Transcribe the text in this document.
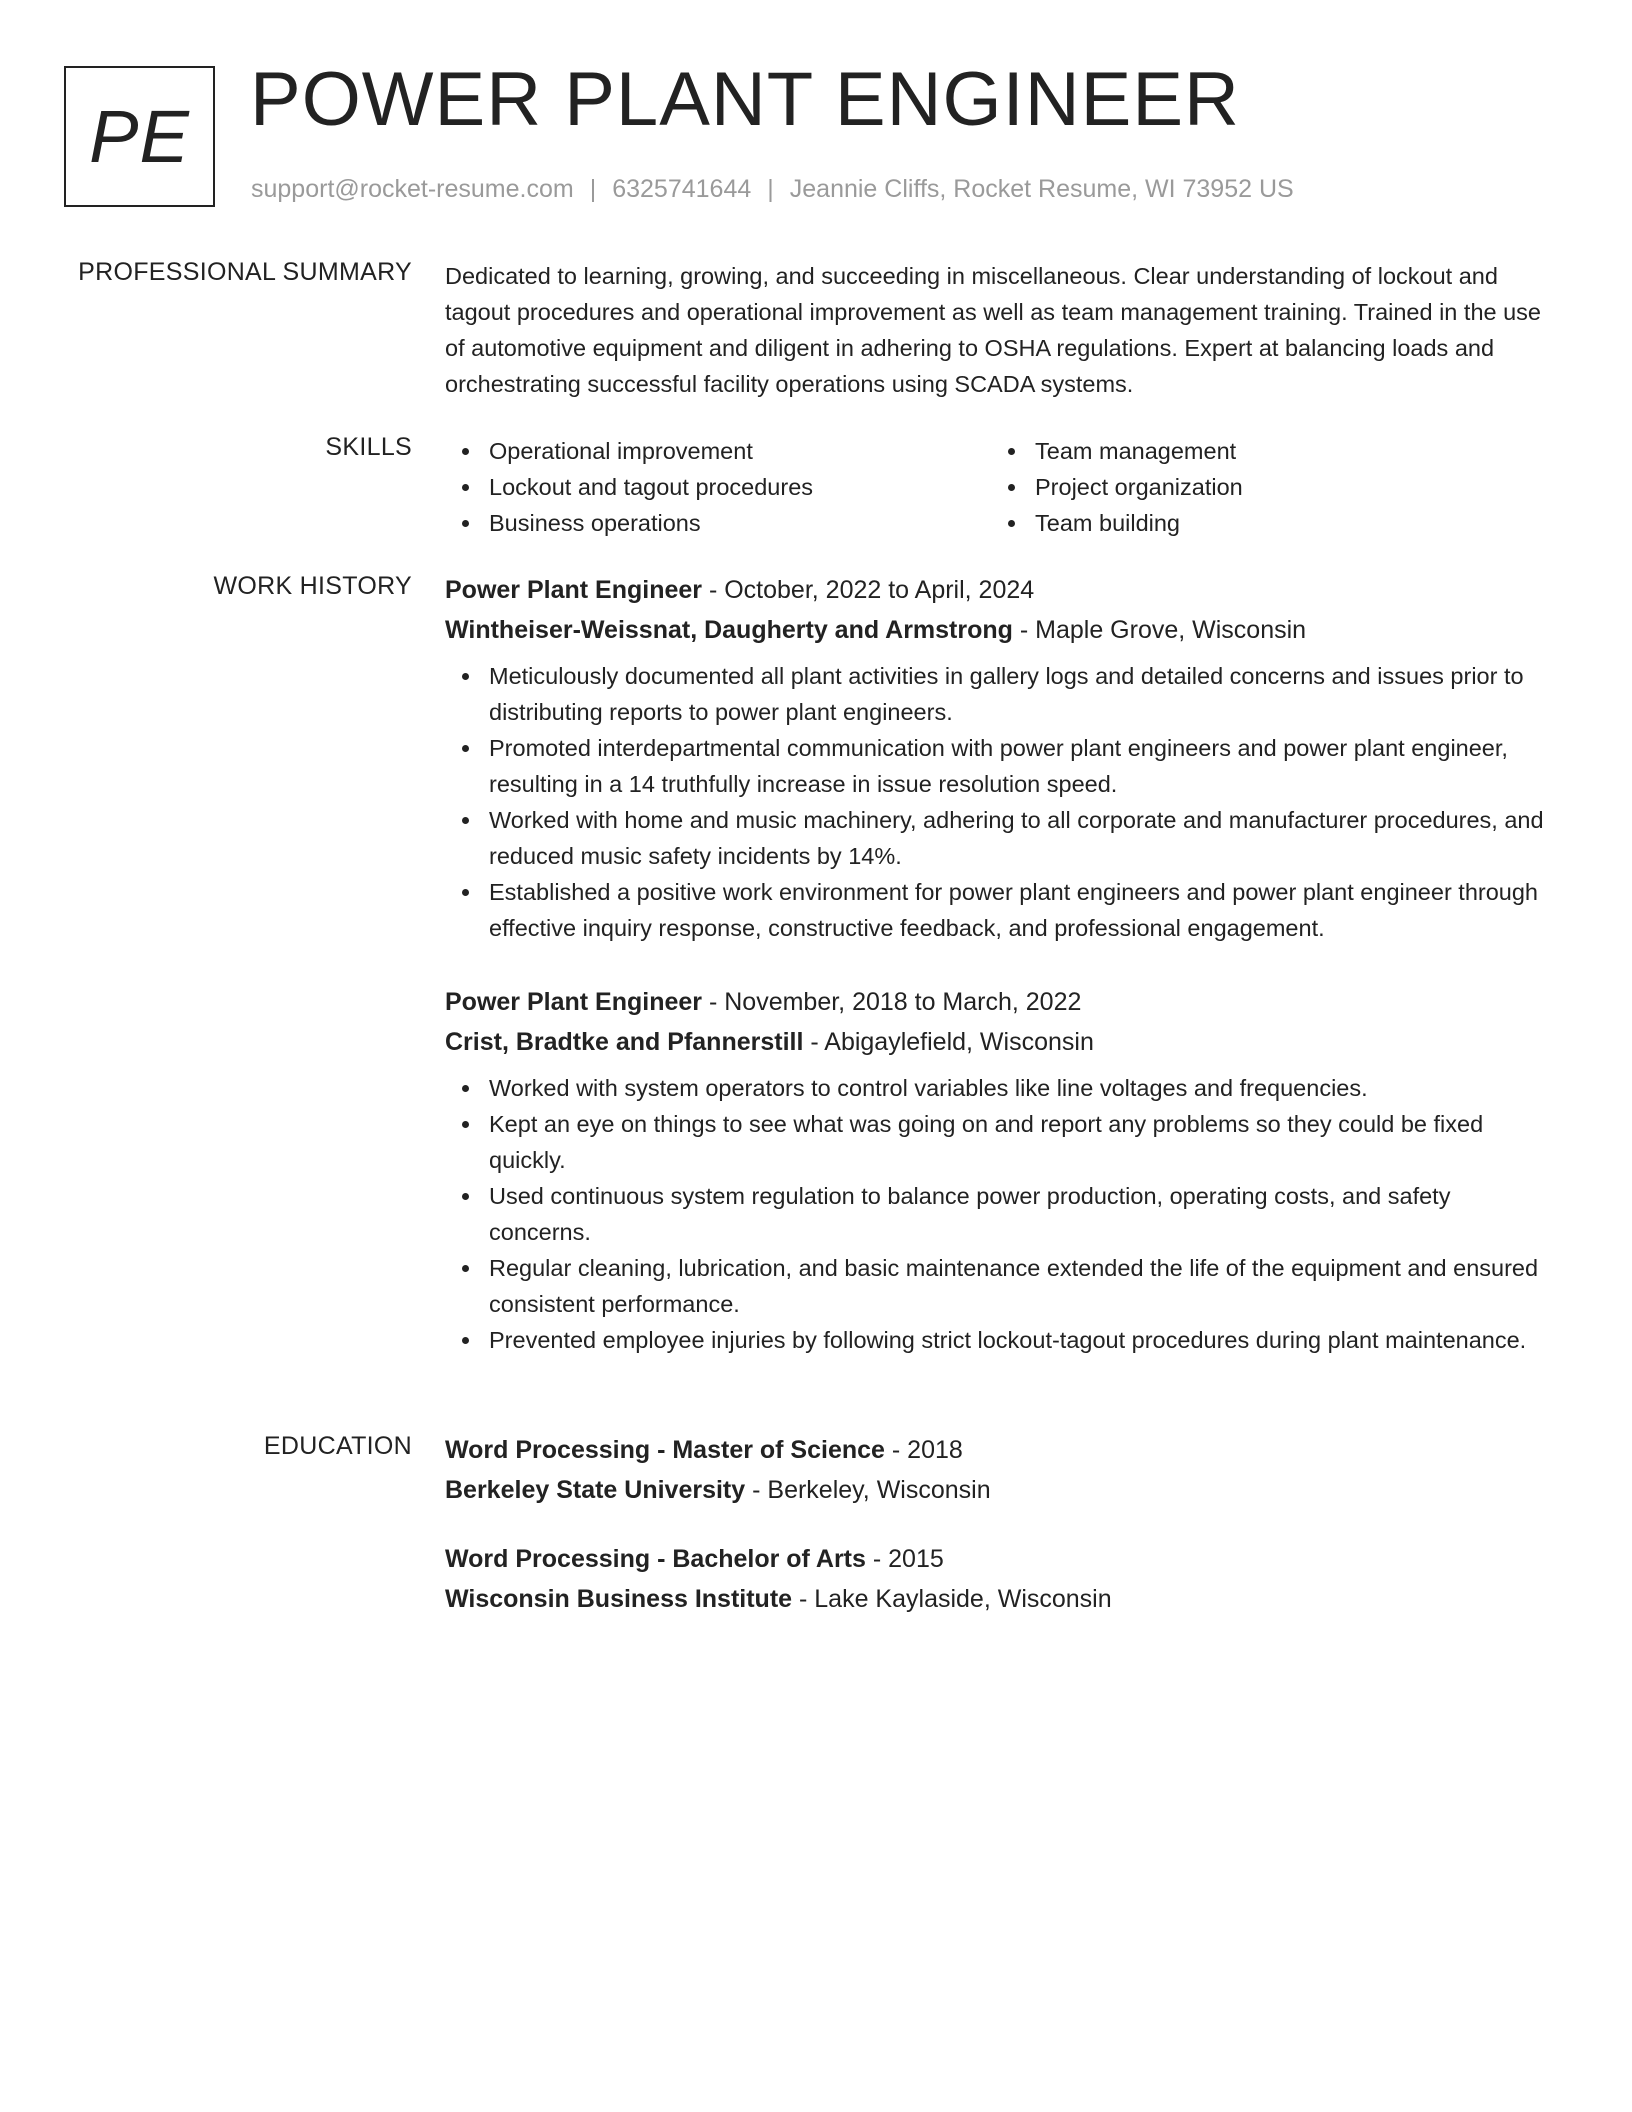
PE POWER PLANT ENGINEER
support@rocket-resume.com | 6325741644 | Jeannie Cliffs, Rocket Resume, WI 73952 US
PROFESSIONAL SUMMARY Dedicated to learning, growing, and succeeding in miscellaneous. Clear understanding of lockout and tagout procedures and operational improvement as well as team management training. Trained in the use of automotive equipment and diligent in adhering to OSHA regulations. Expert at balancing loads and orchestrating successful facility operations using SCADA systems.

SKILLS	Operational improvement
Lockout and tagout procedures
Business operations
Team management
Project organization
Team building
WORK HISTORY Power Plant Engineer - October, 2022 to April, 2024
Wintheiser-Weissnat, Daugherty and Armstrong - Maple Grove, Wisconsin
Meticulously documented all plant activities in gallery logs and detailed concerns and issues prior to distributing reports to power plant engineers.
Promoted interdepartmental communication with power plant engineers and power plant engineer, resulting in a 14 truthfully increase in issue resolution speed.
Worked with home and music machinery, adhering to all corporate and manufacturer procedures, and reduced music safety incidents by 14%.
Established a positive work environment for power plant engineers and power plant engineer through effective inquiry response, constructive feedback, and professional engagement.
Power Plant Engineer - November, 2018 to March, 2022
Crist, Bradtke and Pfannerstill - Abigaylefield, Wisconsin
Worked with system operators to control variables like line voltages and frequencies.
Kept an eye on things to see what was going on and report any problems so they could be fixed quickly.
Used continuous system regulation to balance power production, operating costs, and safety concerns.
Regular cleaning, lubrication, and basic maintenance extended the life of the equipment and ensured consistent performance.
Prevented employee injuries by following strict lockout-tagout procedures during plant maintenance.
EDUCATION Word Processing - Master of Science - 2018
Berkeley State University - Berkeley, Wisconsin
Word Processing - Bachelor of Arts - 2015
Wisconsin Business Institute - Lake Kaylaside, Wisconsin
